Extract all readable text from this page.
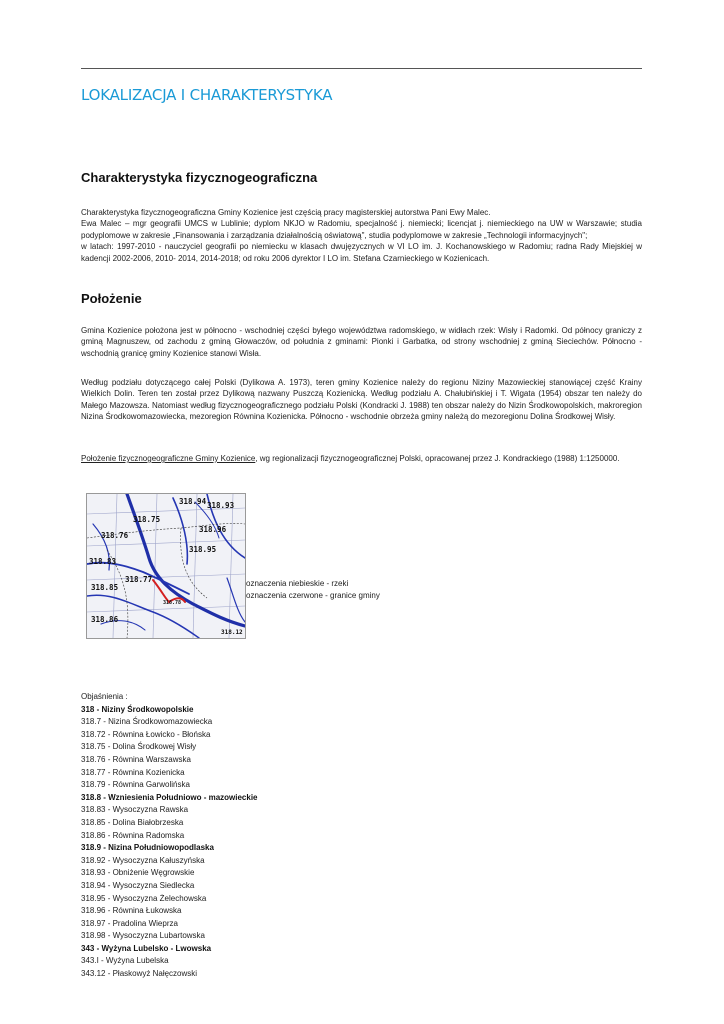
LOKALIZACJA I CHARAKTERYSTYKA
Charakterystyka fizycznogeograficzna
Charakterystyka fizycznogeograficzna Gminy Kozienice jest częścią pracy magisterskiej autorstwa Pani Ewy Malec.
Ewa Malec – mgr geografii UMCS w Lublinie; dyplom NKJO w Radomiu, specjalność j. niemiecki; licencjat j. niemieckiego na UW w Warszawie; studia podyplomowe w zakresie „Finansowania i zarządzania działalnością oświatową", studia podyplomowe w zakresie „Technologii informacyjnych";
w latach: 1997-2010 - nauczyciel geografii po niemiecku w klasach dwujęzycznych w VI LO im. J. Kochanowskiego w Radomiu; radna Rady Miejskiej w kadencji 2002-2006, 2010- 2014, 2014-2018; od roku 2006 dyrektor I LO im. Stefana Czarnieckiego w Kozienicach.
Położenie

Gmina Kozienice położona jest w północno - wschodniej części byłego województwa radomskiego, w widłach rzek: Wisły i Radomki. Od północy graniczy z gminą Magnuszew, od zachodu z gminą Głowaczów, od południa z gminami: Pionki i Garbatka, od strony wschodniej z gminą Sieciechów. Północno - wschodnią granicę gminy Kozienice stanowi Wisła.

Według podziału dotyczącego całej Polski (Dylikowa A. 1973), teren gminy Kozienice należy do regionu Niziny Mazowieckiej stanowiącej część Krainy Wielkich Dolin. Teren ten został przez Dylikową nazwany Puszczą Kozienicką. Według podziału A. Chałubińskiej i T. Wigata (1954) obszar ten należy do Małego Mazowsza. Natomiast według fizycznogeograficznego podziału Polski (Kondracki J. 1988) ten obszar należy do Nizin Środkowopolskich, makroregion Nizina Środkowomazowiecka, mezoregion Równina Kozienicka. Północno - wschodnie obrzeża gminy należą do mezoregionu Dolina Środkowej Wisły.

Położenie fizycznogeograficzne Gminy Kozienice, wg regionalizacji fizycznogeograficznej Polski, opracowanej przez J. Kondrackiego (1988) 1:1250000.

318.94 318.93
318.75
318.96
318.76
318.95
318.83
318.77
318.85
318.86
318.78
318.12
oznaczenia niebieskie - rzeki
oznaczenia czerwone - granice gminy
Objaśnienia :
318 - Niziny Środkowopolskie
318.7 - Nizina Środkowomazowiecka
318.72 - Równina Łowicko - Błońska
318.75 - Dolina Środkowej Wisły
318.76 - Równina Warszawska
318.77 - Równina Kozienicka
318.79 - Równina Garwolińska
318.8 - Wzniesienia Południowo - mazowieckie
318.83 - Wysoczyzna Rawska
318.85 - Dolina Białobrzeska
318.86 - Równina Radomska
318.9 - Nizina Południowopodlaska
318.92 - Wysoczyzna Kałuszyńska
318.93 - Obniżenie Węgrowskie
318.94 - Wysoczyzna Siedlecka
318.95 - Wysoczyzna Żelechowska
318.96 - Równina Łukowska
318.97 - Pradolina Wieprza
318.98 - Wysoczyzna Lubartowska
343 - Wyżyna Lubelsko - Lwowska
343.I - Wyżyna Lubelska
343.12 - Płaskowyż Nałęczowski
